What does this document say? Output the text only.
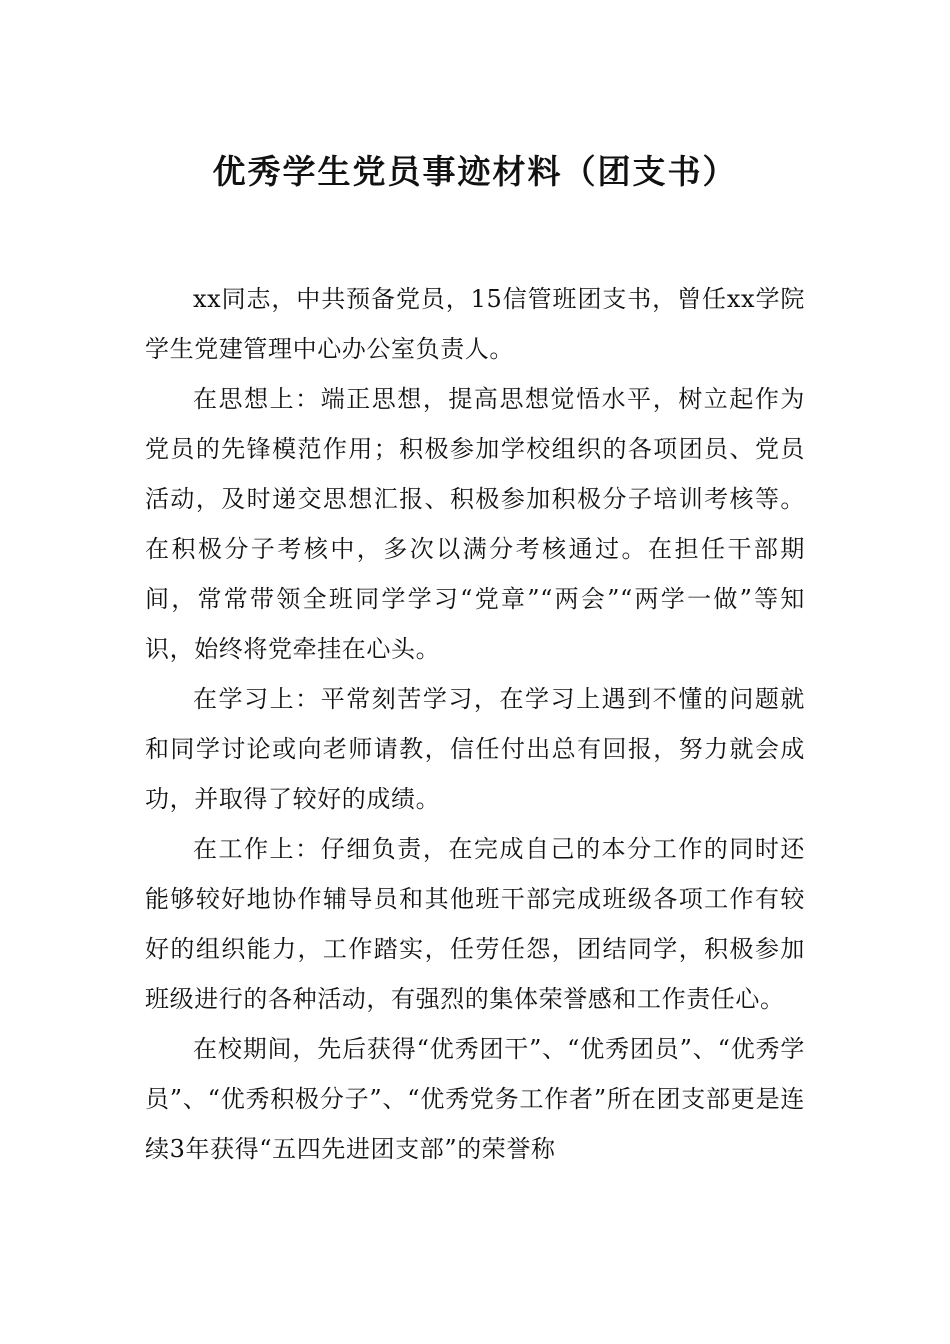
优秀学生党员事迹材料（团支书）

xx同志，中共预备党员，15信管班团支书，曾任xx学院学生党建管理中心办公室负责人。

在思想上：端正思想，提高思想觉悟水平，树立起作为党员的先锋模范作用；积极参加学校组织的各项团员、党员活动，及时递交思想汇报、积极参加积极分子培训考核等。在积极分子考核中，多次以满分考核通过。在担任干部期间，常常带领全班同学学习“党章”“两会”“两学一做”等知识，始终将党牵挂在心头。

在学习上：平常刻苦学习，在学习上遇到不懂的问题就和同学讨论或向老师请教，信任付出总有回报，努力就会成功，并取得了较好的成绩。

在工作上：仔细负责，在完成自己的本分工作的同时还能够较好地协作辅导员和其他班干部完成班级各项工作有较好的组织能力，工作踏实，任劳任怨，团结同学，积极参加班级进行的各种活动，有强烈的集体荣誉感和工作责任心。

在校期间，先后获得“优秀团干”、“优秀团员”、“优秀学员”、“优秀积极分子”、“优秀党务工作者”所在团支部更是连续3年获得“五四先进团支部”的荣誉称
